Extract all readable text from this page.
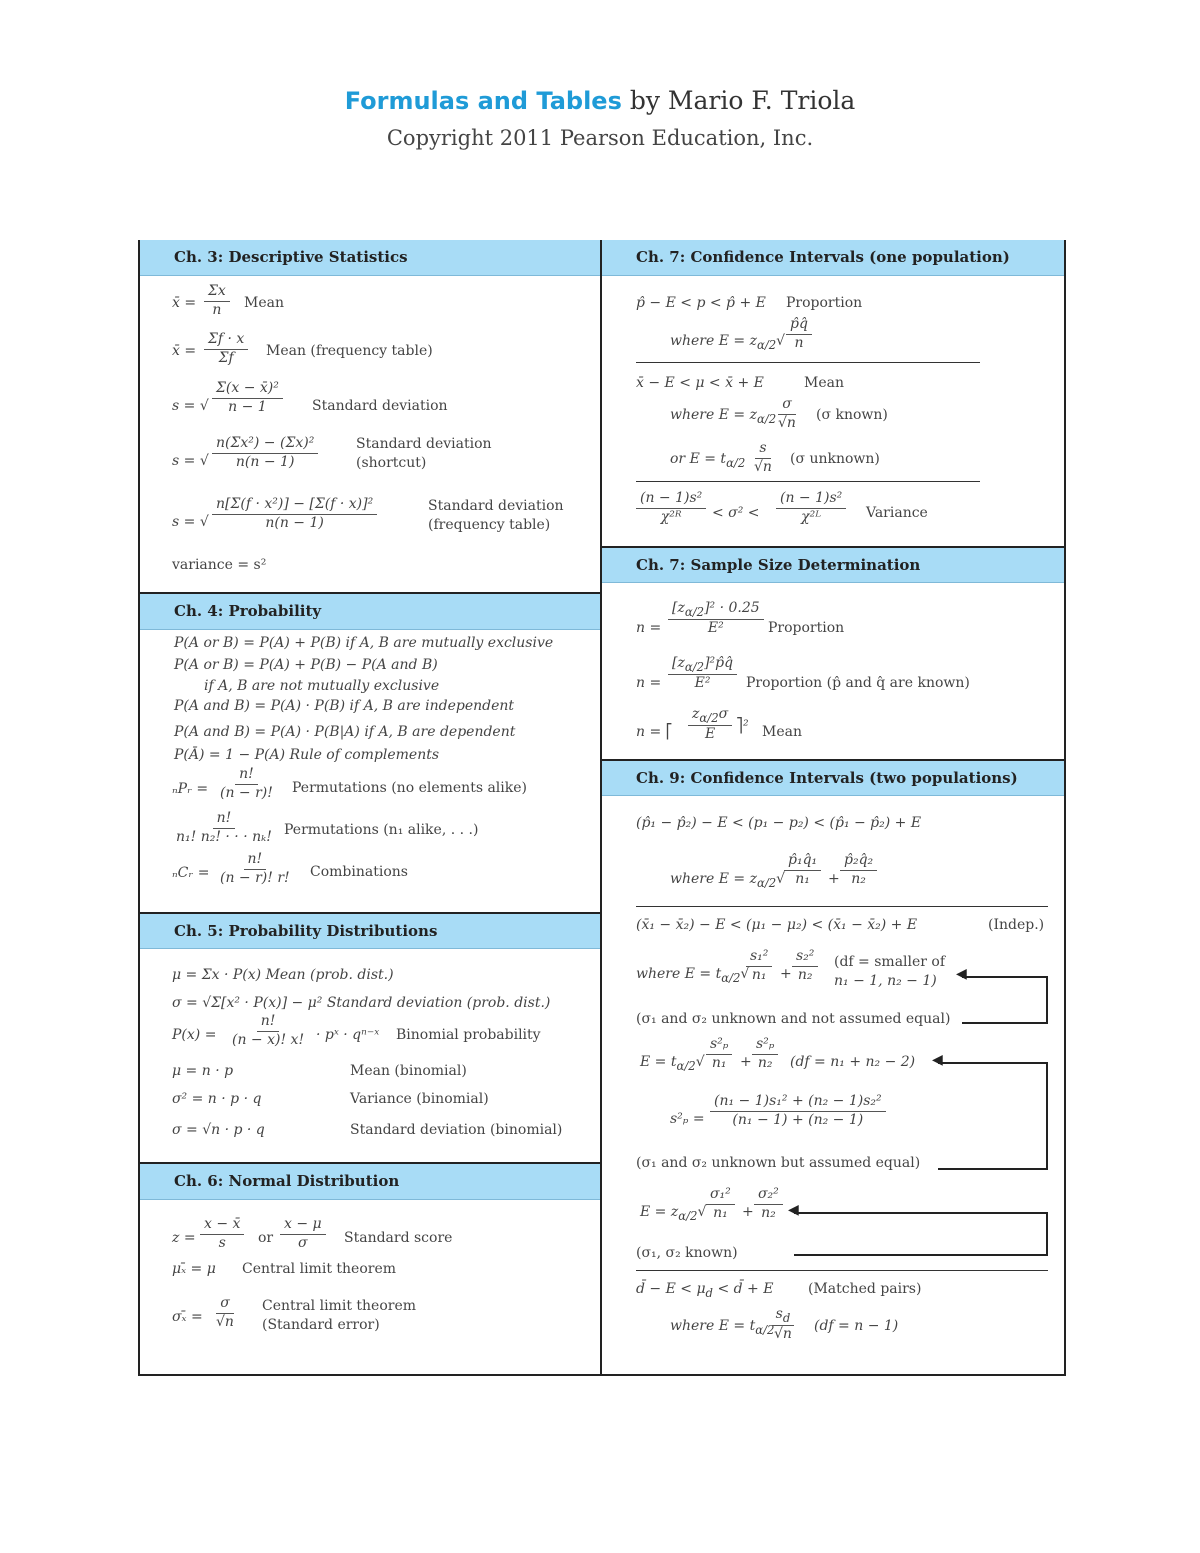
Formulas and Tables by Mario F. Triola
Copyright 2011 Pearson Education, Inc.
Ch. 3: Descriptive Statistics
x̄ =
Σx
n Mean
x̄ =
Σf · x
Σf Mean (frequency table)
s = √
Σ(x − x̄)²
n − 1	Standard deviation
s = √
n(Σx²) − (Σx)²
n(n − 1)
Standard deviation
(shortcut)
s = √
n[Σ(f · x²)] − [Σ(f · x)]²
n(n − 1)
Standard deviation
(frequency table)
variance = s²
Ch. 4: Probability
P(A or B) = P(A) + P(B) if A, B are mutually exclusive
P(A or B) = P(A) + P(B) − P(A and B)
if A, B are not mutually exclusive
P(A and B) = P(A) · P(B) if A, B are independent
P(A and B) = P(A) · P(B|A) if A, B are dependent
P(Ā) = 1 − P(A) Rule of complements
ₙPᵣ =
n!
(n − r)! Permutations (no elements alike)
n!
n₁! n₂! · · · nₖ! Permutations (n₁ alike, . . .)
ₙCᵣ =
n!
(n − r)! r! Combinations
Ch. 5: Probability Distributions
μ = Σx · P(x) Mean (prob. dist.)
σ = √Σ[x² · P(x)] − μ² Standard deviation (prob. dist.)
P(x) =
n!
(n − x)! x! · pˣ · qⁿ⁻ˣ Binomial probability
μ = n · p	Mean (binomial)
σ² = n · p · q	Variance (binomial)
σ = √n · p · q	Standard deviation (binomial)
Ch. 6: Normal Distribution
z =
x − x̄
s or
x − μ
σ	Standard score
μₓ̄ = μ Central limit theorem
σₓ̄ =
σ
√n
Central limit theorem
(Standard error)
Ch. 7: Confidence Intervals (one population)
p̂ − E < p < p̂ + E Proportion
where $E = z_{\alpha/2}√$
p̂q̂
n
x̄ − E < μ < x̄ + E	Mean
where $E = z_{\alpha/2}$
σ
√n (σ known)
or $E = t_{\alpha/2}$
s
√n (σ unknown)
(n − 1)s²
χ²ᴿ < σ² <
(n − 1)s²
χ²ᴸ	Variance
Ch. 7: Sample Size Determination
n =
$[z_{\alpha/2}]^2 \cdot 0.25$
E²	Proportion
n =
$[z_{\alpha/2}]^2p̂q̂$
E²	Proportion (p̂ and q̂ are known)
n = ⎡
$z_{\alpha/2}\sigma$
E
⎤² Mean
Ch. 9: Confidence Intervals (two populations)
(p̂₁ − p̂₂) − E < (p₁ − p₂) < (p̂₁ − p̂₂) + E
where $E = z_{\alpha/2}√$
p̂₁q̂₁
n₁ +
p̂₂q̂₂
n₂
(x̄₁ − x̄₂) − E < (μ₁ − μ₂) < (x̄₁ − x̄₂) + E	(Indep.)
where $E = t_{\alpha/2}√$
s₁²
n₁ +
s₂²
n₂
(df = smaller of
n₁ − 1, n₂ − 1)
(σ₁ and σ₂ unknown and not assumed equal)
◀
$E = t_{\alpha/2}√$
s²ₚ
n₁ +
s²ₚ
n₂ (df = n₁ + n₂ − 2) ◀
s²ₚ =
(n₁ − 1)s₁² + (n₂ − 1)s₂²
(n₁ − 1) + (n₂ − 1)
(σ₁ and σ₂ unknown but assumed equal)
$E = z_{\alpha/2}√$
σ₁²
n₁ +
σ₂²
n₂ ◀
(σ₁, σ₂ known)
d̄ − $E < \mu_d$ < d̄ + E (Matched pairs)
where $E = t_{\alpha/2}$
$s_d$
√n
(df = n − 1)
